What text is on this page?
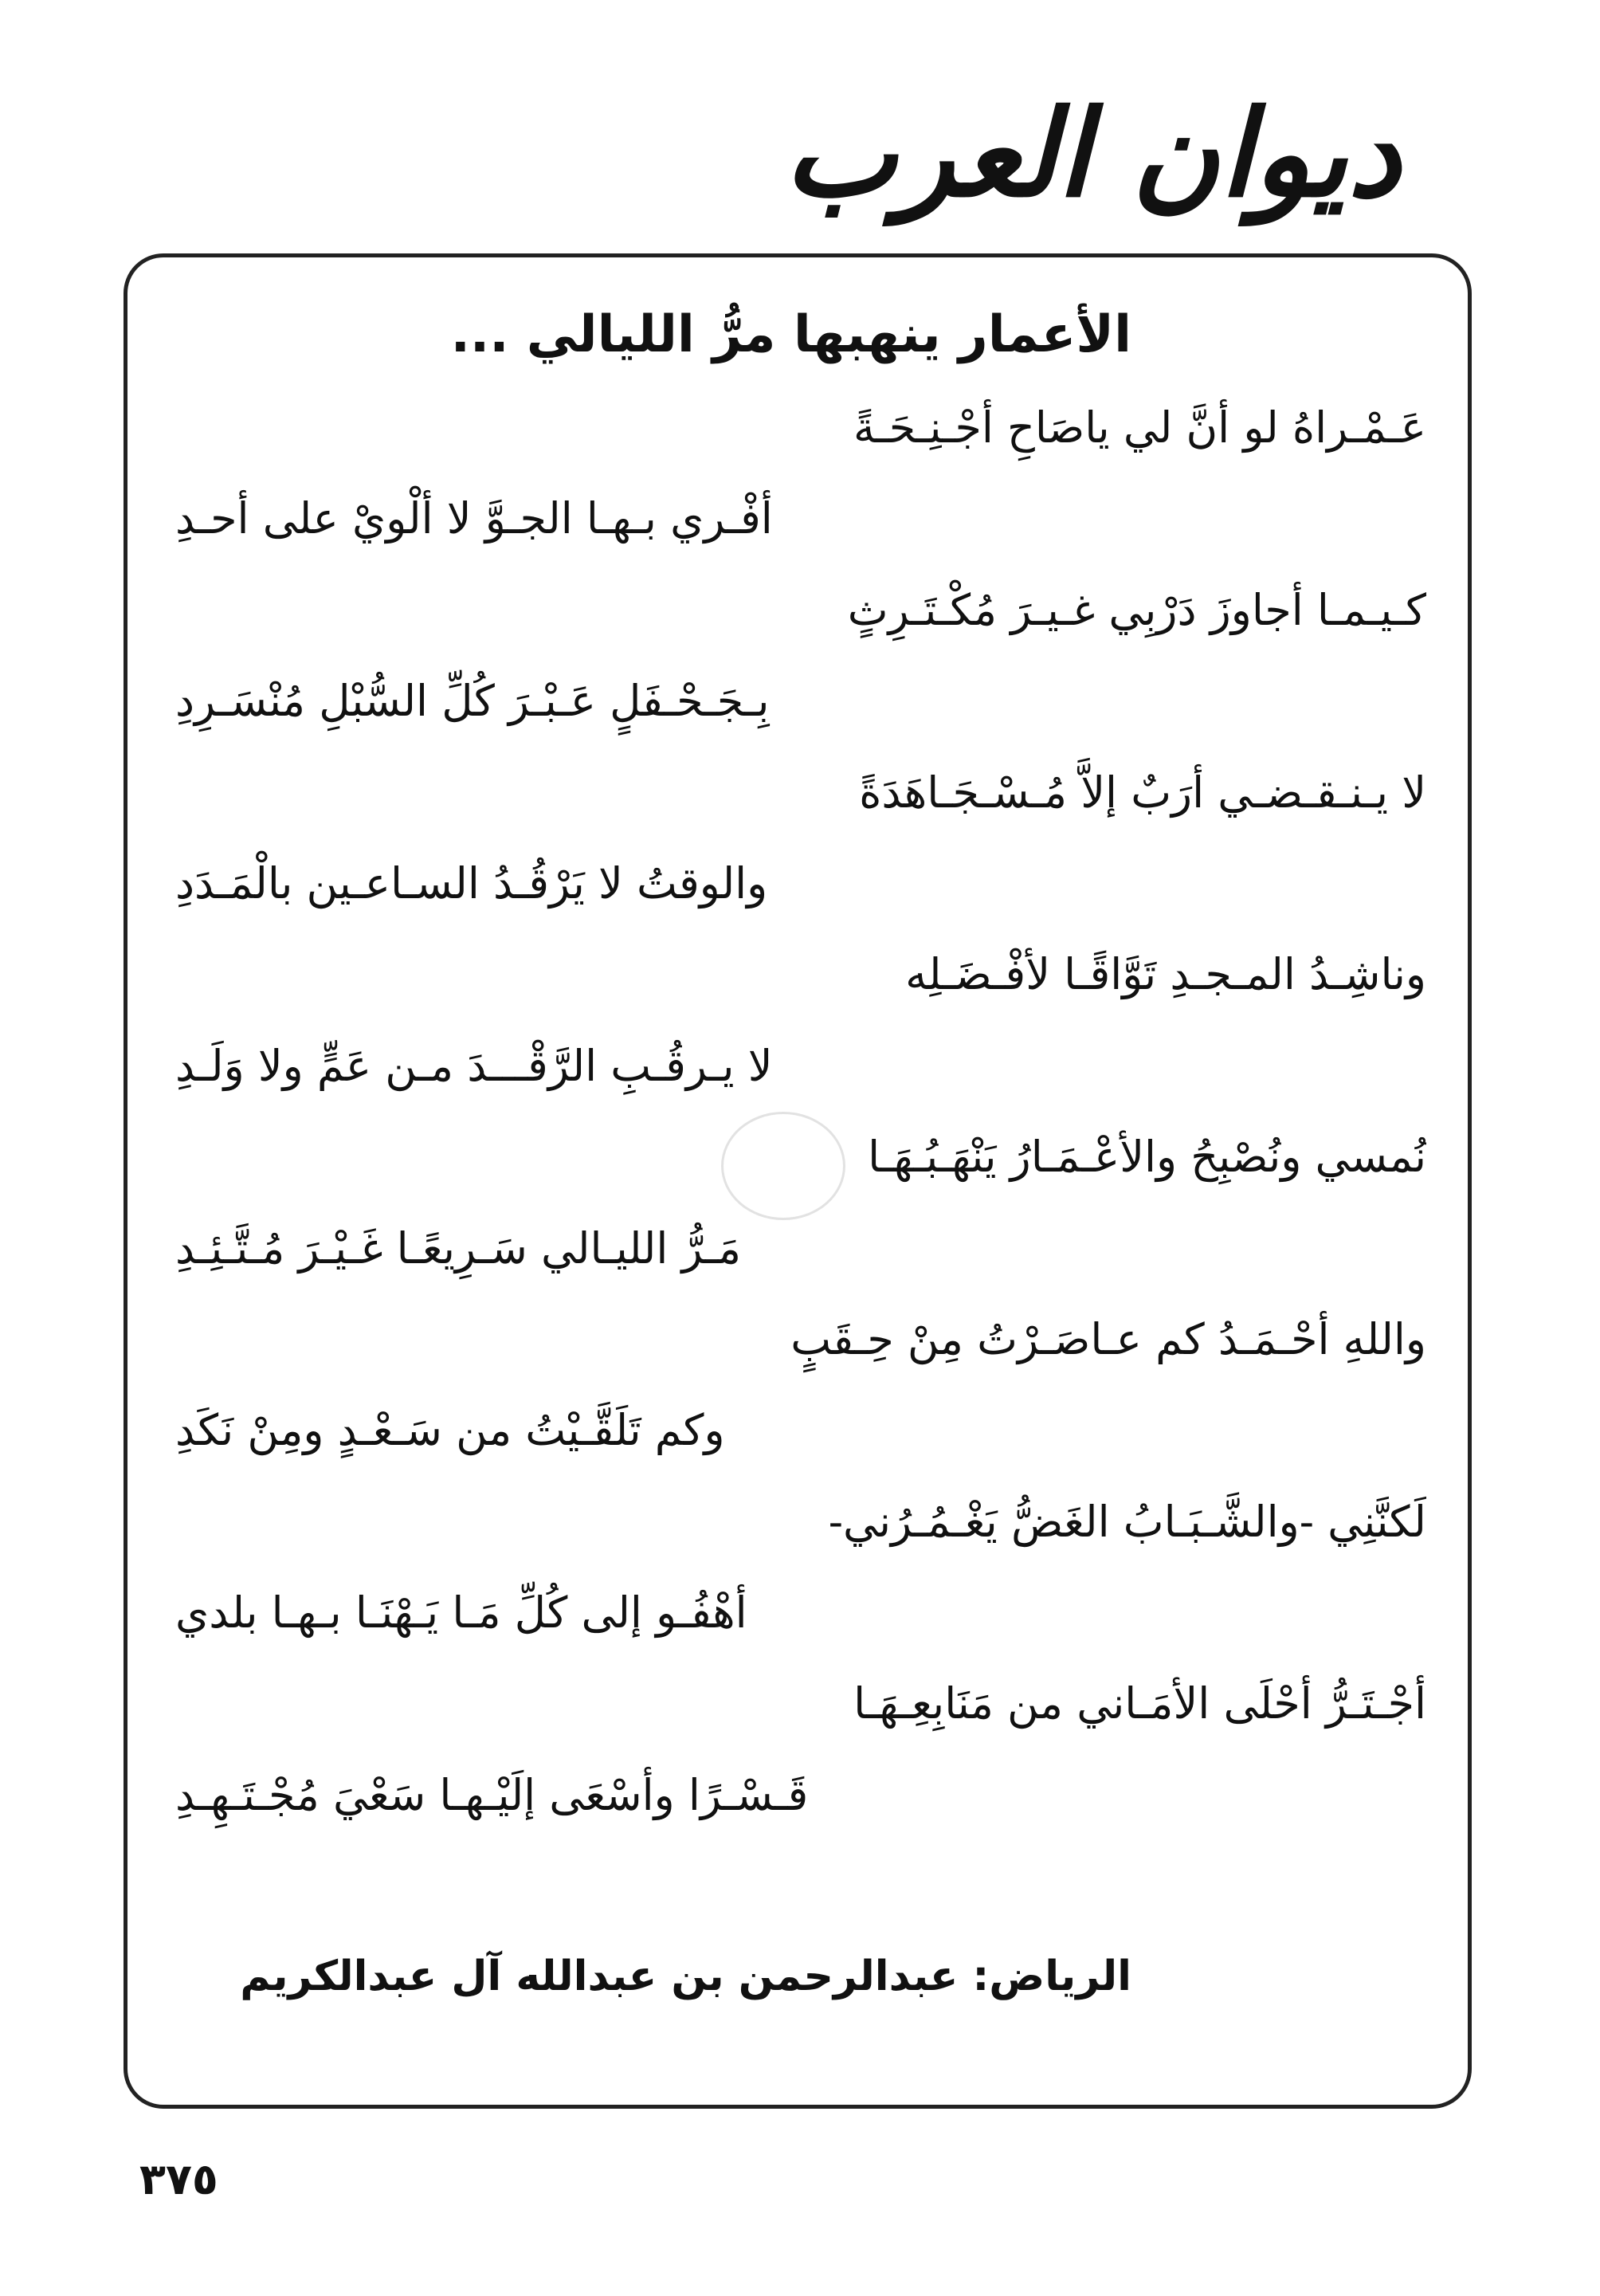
ديوان العرب
الأعمار ينهبها مرُّ الليالي ...
عَـمْـراهُ لو أنَّ لي ياصَاحِ أجْـنِـحَـةً
أفْـري بـهـا الجـوَّ لا ألْويْ على أحـدِ
كـيـمـا أجاوزَ دَرْبِي غـيـرَ مُكْـتَـرِثٍ
بِـجَـحْـفَلٍ عَـبْـرَ كُلِّ السُّبْلِ مُنْسَـرِدِ
لا يـنـقـضـي أرَبٌ إلاَّ مُـسْـجَـاهَدَةً
والوقتُ لا يَرْقُـدُ السـاعـين بالْمَـدَدِ
وناشِـدُ المـجـدِ تَوَّاقًـا لأفْـضَـلِه
لا يـرقُـبِ الرَّقْـــدَ مـن عَمٍّ ولا وَلَـدِ
نُمسي ونُصْبِحُ والأعْـمَـارُ يَنْهَـبُـهَـا
مَـرُّ الليـالي سَـرِيعًـا غَـيْـرَ مُـتَّـئِـدِ
واللهِ أحْـمَـدُ كم عـاصَـرْتُ مِنْ حِـقَبٍ
وكم تَلَقَّـيْتُ من سَـعْـدٍ ومِنْ نَكَدِ
لَكنَّنِي -والشَّـبَـابُ الغَضُّ يَغْـمُـرُني-
أهْفُـو إلى كُلِّ مَـا يَـهْنَـا بـهـا بلدي
أجْـتَـرُّ أحْلَى الأمَـاني من مَنَابِعِـهَـا
قَـسْـرًا وأسْعَى إلَيْـهـا سَعْيَ مُجْـتَـهِـدِ
الرياض: عبدالرحمن بن عبدالله آل عبدالكريم
٣٧٥
